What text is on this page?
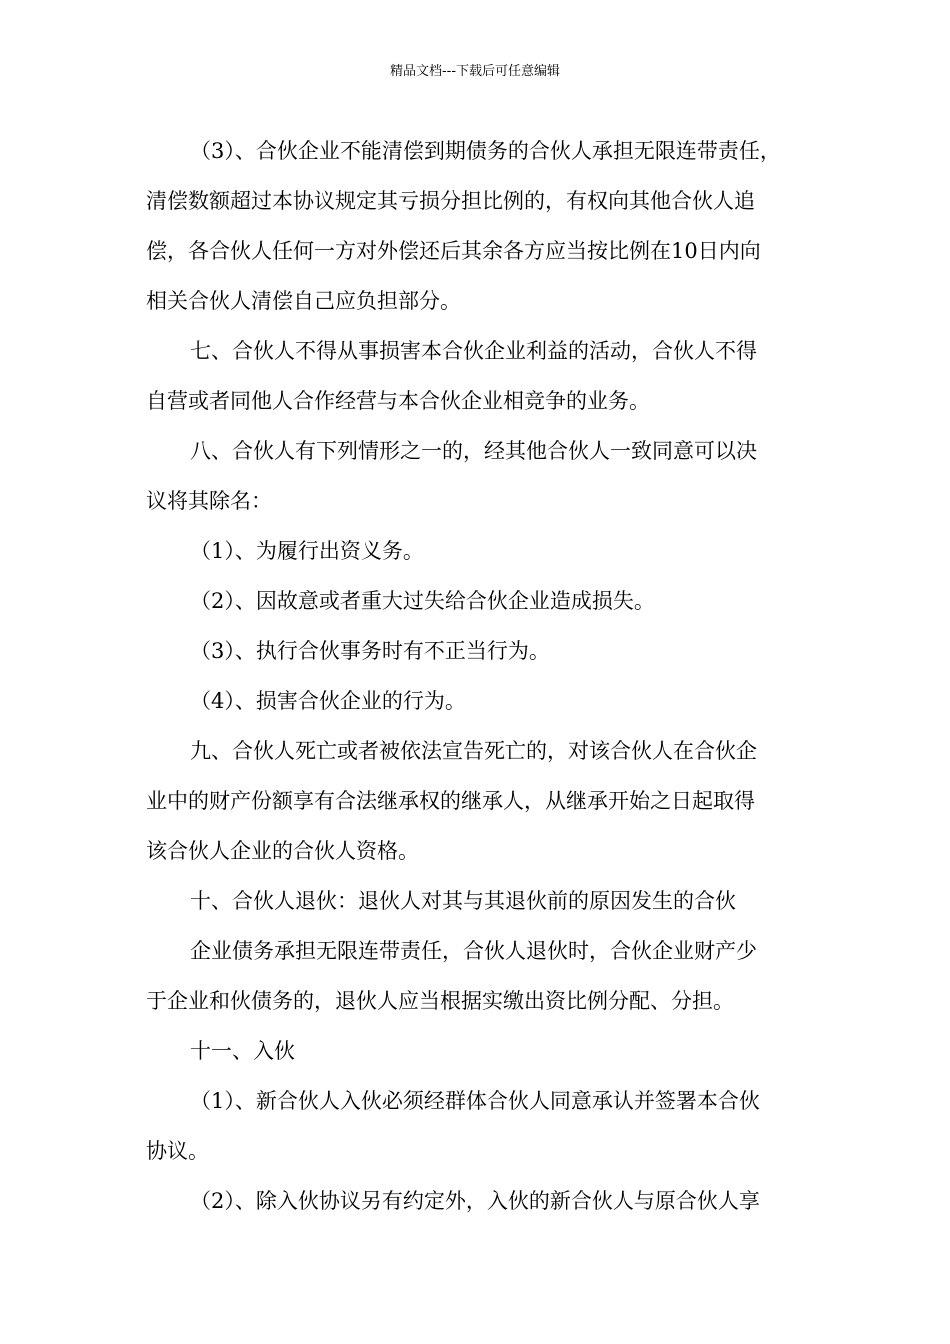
精品文档---下载后可任意编辑
（3）、合伙企业不能清偿到期债务的合伙人承担无限连带责任，
清偿数额超过本协议规定其亏损分担比例的，有权向其他合伙人追
偿，各合伙人任何一方对外偿还后其余各方应当按比例在10日内向
相关合伙人清偿自己应负担部分。
七、合伙人不得从事损害本合伙企业利益的活动，合伙人不得
自营或者同他人合作经营与本合伙企业相竞争的业务。
八、合伙人有下列情形之一的，经其他合伙人一致同意可以决
议将其除名：
（1）、为履行出资义务。
（2）、因故意或者重大过失给合伙企业造成损失。
（3）、执行合伙事务时有不正当行为。
（4）、损害合伙企业的行为。
九、合伙人死亡或者被依法宣告死亡的，对该合伙人在合伙企
业中的财产份额享有合法继承权的继承人，从继承开始之日起取得
该合伙人企业的合伙人资格。
十、合伙人退伙：退伙人对其与其退伙前的原因发生的合伙
企业债务承担无限连带责任，合伙人退伙时，合伙企业财产少
于企业和伙债务的，退伙人应当根据实缴出资比例分配、分担。
十一、入伙
（1）、新合伙人入伙必须经群体合伙人同意承认并签署本合伙
协议。
（2）、除入伙协议另有约定外，入伙的新合伙人与原合伙人享
